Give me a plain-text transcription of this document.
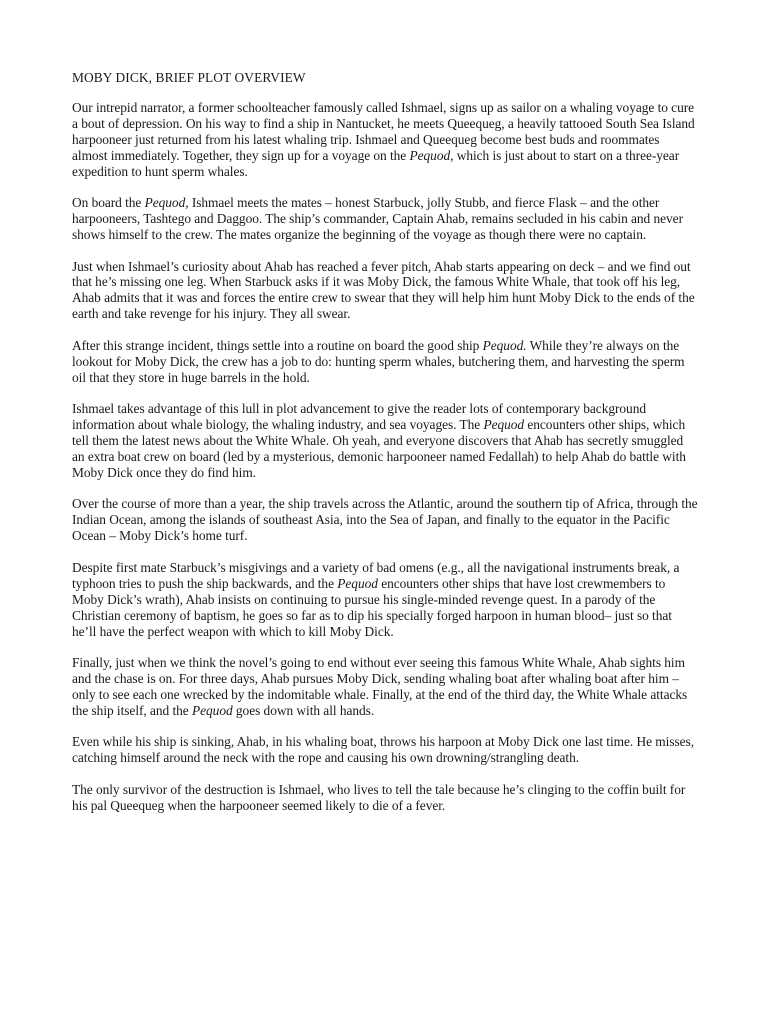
MOBY DICK, BRIEF PLOT OVERVIEW

Our intrepid narrator, a former schoolteacher famously called Ishmael, signs up as sailor on a whaling voyage to cure a bout of depression. On his way to find a ship in Nantucket, he meets Queequeg, a heavily tattooed South Sea Island harpooneer just returned from his latest whaling trip. Ishmael and Queequeg become best buds and roommates almost immediately. Together, they sign up for a voyage on the Pequod, which is just about to start on a three-year expedition to hunt sperm whales.

On board the Pequod, Ishmael meets the mates – honest Starbuck, jolly Stubb, and fierce Flask – and the other harpooneers, Tashtego and Daggoo. The ship’s commander, Captain Ahab, remains secluded in his cabin and never shows himself to the crew. The mates organize the beginning of the voyage as though there were no captain.

Just when Ishmael’s curiosity about Ahab has reached a fever pitch, Ahab starts appearing on deck – and we find out that he’s missing one leg. When Starbuck asks if it was Moby Dick, the famous White Whale, that took off his leg, Ahab admits that it was and forces the entire crew to swear that they will help him hunt Moby Dick to the ends of the earth and take revenge for his injury. They all swear.

After this strange incident, things settle into a routine on board the good ship Pequod. While they’re always on the lookout for Moby Dick, the crew has a job to do: hunting sperm whales, butchering them, and harvesting the sperm oil that they store in huge barrels in the hold.

Ishmael takes advantage of this lull in plot advancement to give the reader lots of contemporary background information about whale biology, the whaling industry, and sea voyages. The Pequod encounters other ships, which tell them the latest news about the White Whale. Oh yeah, and everyone discovers that Ahab has secretly smuggled an extra boat crew on board (led by a mysterious, demonic harpooneer named Fedallah) to help Ahab do battle with Moby Dick once they do find him.

Over the course of more than a year, the ship travels across the Atlantic, around the southern tip of Africa, through the Indian Ocean, among the islands of southeast Asia, into the Sea of Japan, and finally to the equator in the Pacific Ocean – Moby Dick’s home turf.

Despite first mate Starbuck’s misgivings and a variety of bad omens (e.g., all the navigational instruments break, a typhoon tries to push the ship backwards, and the Pequod encounters other ships that have lost crewmembers to Moby Dick’s wrath), Ahab insists on continuing to pursue his single-minded revenge quest. In a parody of the Christian ceremony of baptism, he goes so far as to dip his specially forged harpoon in human blood– just so that he’ll have the perfect weapon with which to kill Moby Dick.

Finally, just when we think the novel’s going to end without ever seeing this famous White Whale, Ahab sights him and the chase is on. For three days, Ahab pursues Moby Dick, sending whaling boat after whaling boat after him – only to see each one wrecked by the indomitable whale. Finally, at the end of the third day, the White Whale attacks the ship itself, and the Pequod goes down with all hands.

Even while his ship is sinking, Ahab, in his whaling boat, throws his harpoon at Moby Dick one last time. He misses, catching himself around the neck with the rope and causing his own drowning/strangling death.

The only survivor of the destruction is Ishmael, who lives to tell the tale because he’s clinging to the coffin built for his pal Queequeg when the harpooneer seemed likely to die of a fever.
